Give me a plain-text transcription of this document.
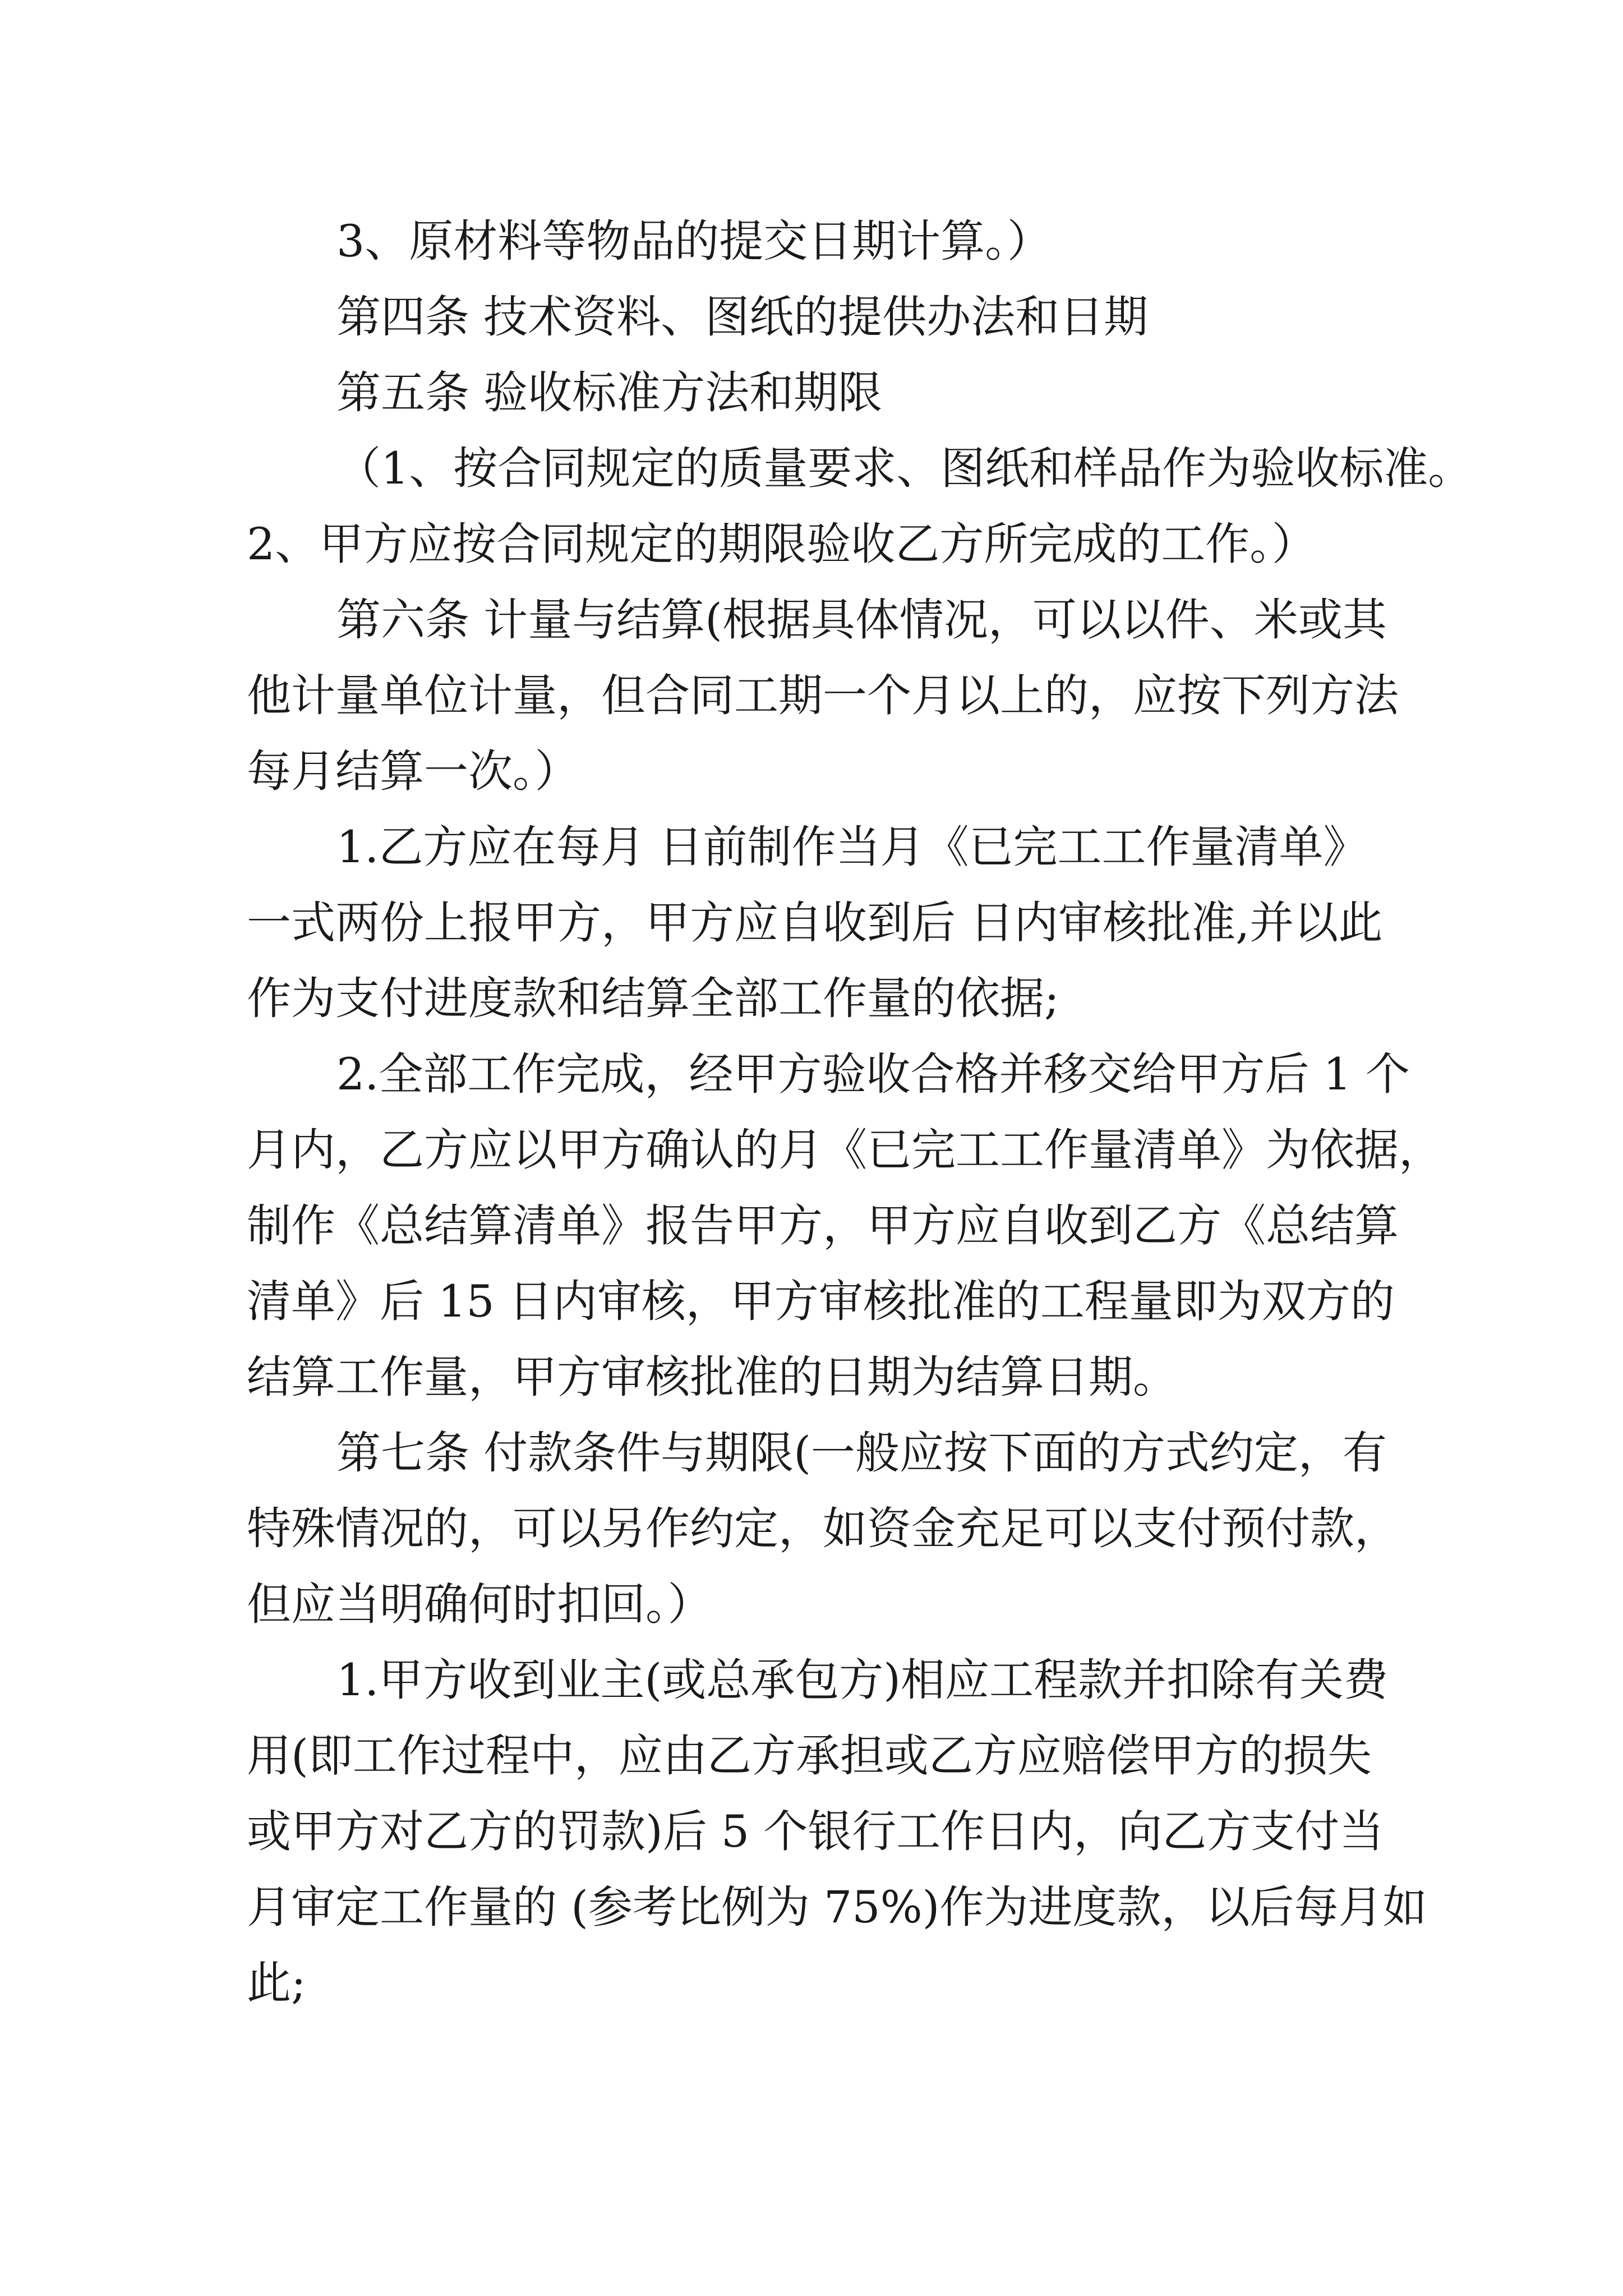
3、原材料等物品的提交日期计算。）
第四条 技术资料、图纸的提供办法和日期
第五条 验收标准方法和期限
（1、按合同规定的质量要求、图纸和样品作为验收标准。
2、甲方应按合同规定的期限验收乙方所完成的工作。）
第六条 计量与结算(根据具体情况，可以以件、米或其
他计量单位计量，但合同工期一个月以上的，应按下列方法
每月结算一次。）
1.乙方应在每月 日前制作当月《已完工工作量清单》
一式两份上报甲方，甲方应自收到后 日内审核批准,并以此
作为支付进度款和结算全部工作量的依据;
2.全部工作完成，经甲方验收合格并移交给甲方后 1 个
月内，乙方应以甲方确认的月《已完工工作量清单》为依据，
制作《总结算清单》报告甲方，甲方应自收到乙方《总结算
清单》后 15 日内审核，甲方审核批准的工程量即为双方的
结算工作量，甲方审核批准的日期为结算日期。
第七条 付款条件与期限(一般应按下面的方式约定，有
特殊情况的，可以另作约定，如资金充足可以支付预付款，
但应当明确何时扣回。）
1.甲方收到业主(或总承包方)相应工程款并扣除有关费
用(即工作过程中，应由乙方承担或乙方应赔偿甲方的损失
或甲方对乙方的罚款)后 5 个银行工作日内，向乙方支付当
月审定工作量的 (参考比例为 75%)作为进度款，以后每月如
此;
